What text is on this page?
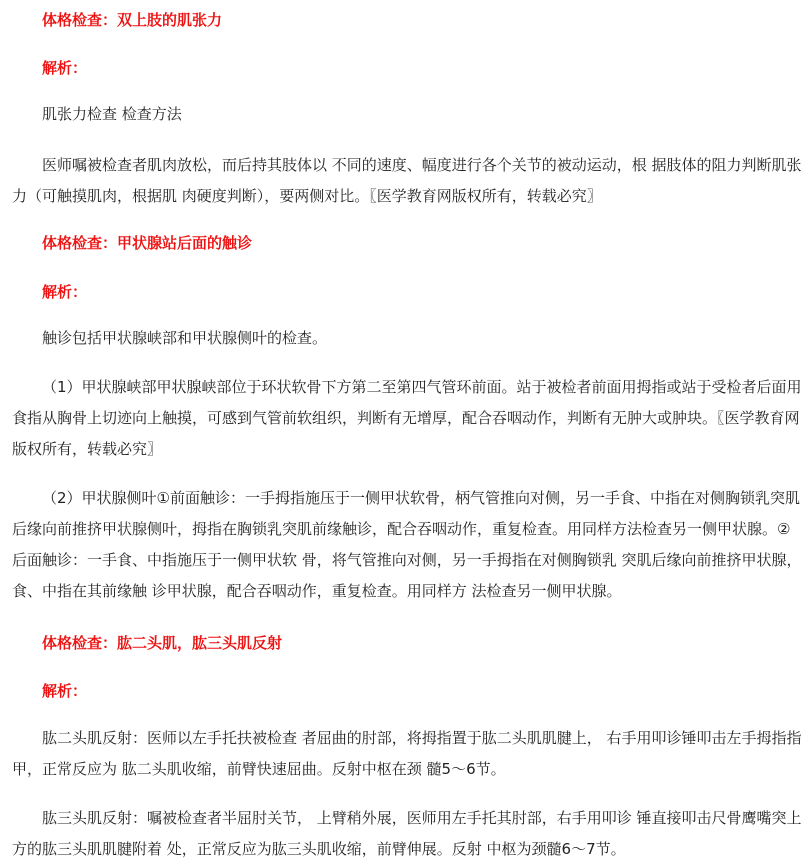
体格检查：双上肢的肌张力
解析：

肌张力检查 检查方法

医师嘱被检查者肌肉放松，而后持其肢体以 不同的速度、幅度进行各个关节的被动运动，根 据肢体的阻力判断肌张力（可触摸肌肉，根据肌 肉硬度判断），要两侧对比。〖医学教育网版权所有，转载必究〗

体格检查：甲状腺站后面的触诊
解析：

触诊包括甲状腺峡部和甲状腺侧叶的检查。

（1）甲状腺峡部甲状腺峡部位于环状软骨下方第二至第四气管环前面。站于被检者前面用拇指或站于受检者后面用食指从胸骨上切迹向上触摸，可感到气管前软组织，判断有无增厚，配合吞咽动作，判断有无肿大或肿块。〖医学教育网版权所有，转载必究〗

（2）甲状腺侧叶①前面触诊：一手拇指施压于一侧甲状软骨，柄气管推向对侧，另一手食、中指在对侧胸锁乳突肌后缘向前推挤甲状腺侧叶，拇指在胸锁乳突肌前缘触诊，配合吞咽动作，重复检查。用同样方法检查另一侧甲状腺。②后面触诊：一手食、中指施压于一侧甲状软 骨，将气管推向对侧，另一手拇指在对侧胸锁乳 突肌后缘向前推挤甲状腺，食、中指在其前缘触 诊甲状腺，配合吞咽动作，重复检查。用同样方 法检查另一侧甲状腺。

体格检查：肱二头肌，肱三头肌反射
解析：

肱二头肌反射：医师以左手托扶被检查 者屈曲的肘部，将拇指置于肱二头肌肌腱上， 右手用叩诊锤叩击左手拇指指甲，正常反应为 肱二头肌收缩，前臂快速屈曲。反射中枢在颈 髓5～6节。

肱三头肌反射：嘱被检查者半屈肘关节， 上臂稍外展，医师用左手托其肘部，右手用叩诊 锤直接叩击尺骨鹰嘴突上方的肱三头肌肌腱附着 处，正常反应为肱三头肌收缩，前臂伸展。反射 中枢为颈髓6～7节。
